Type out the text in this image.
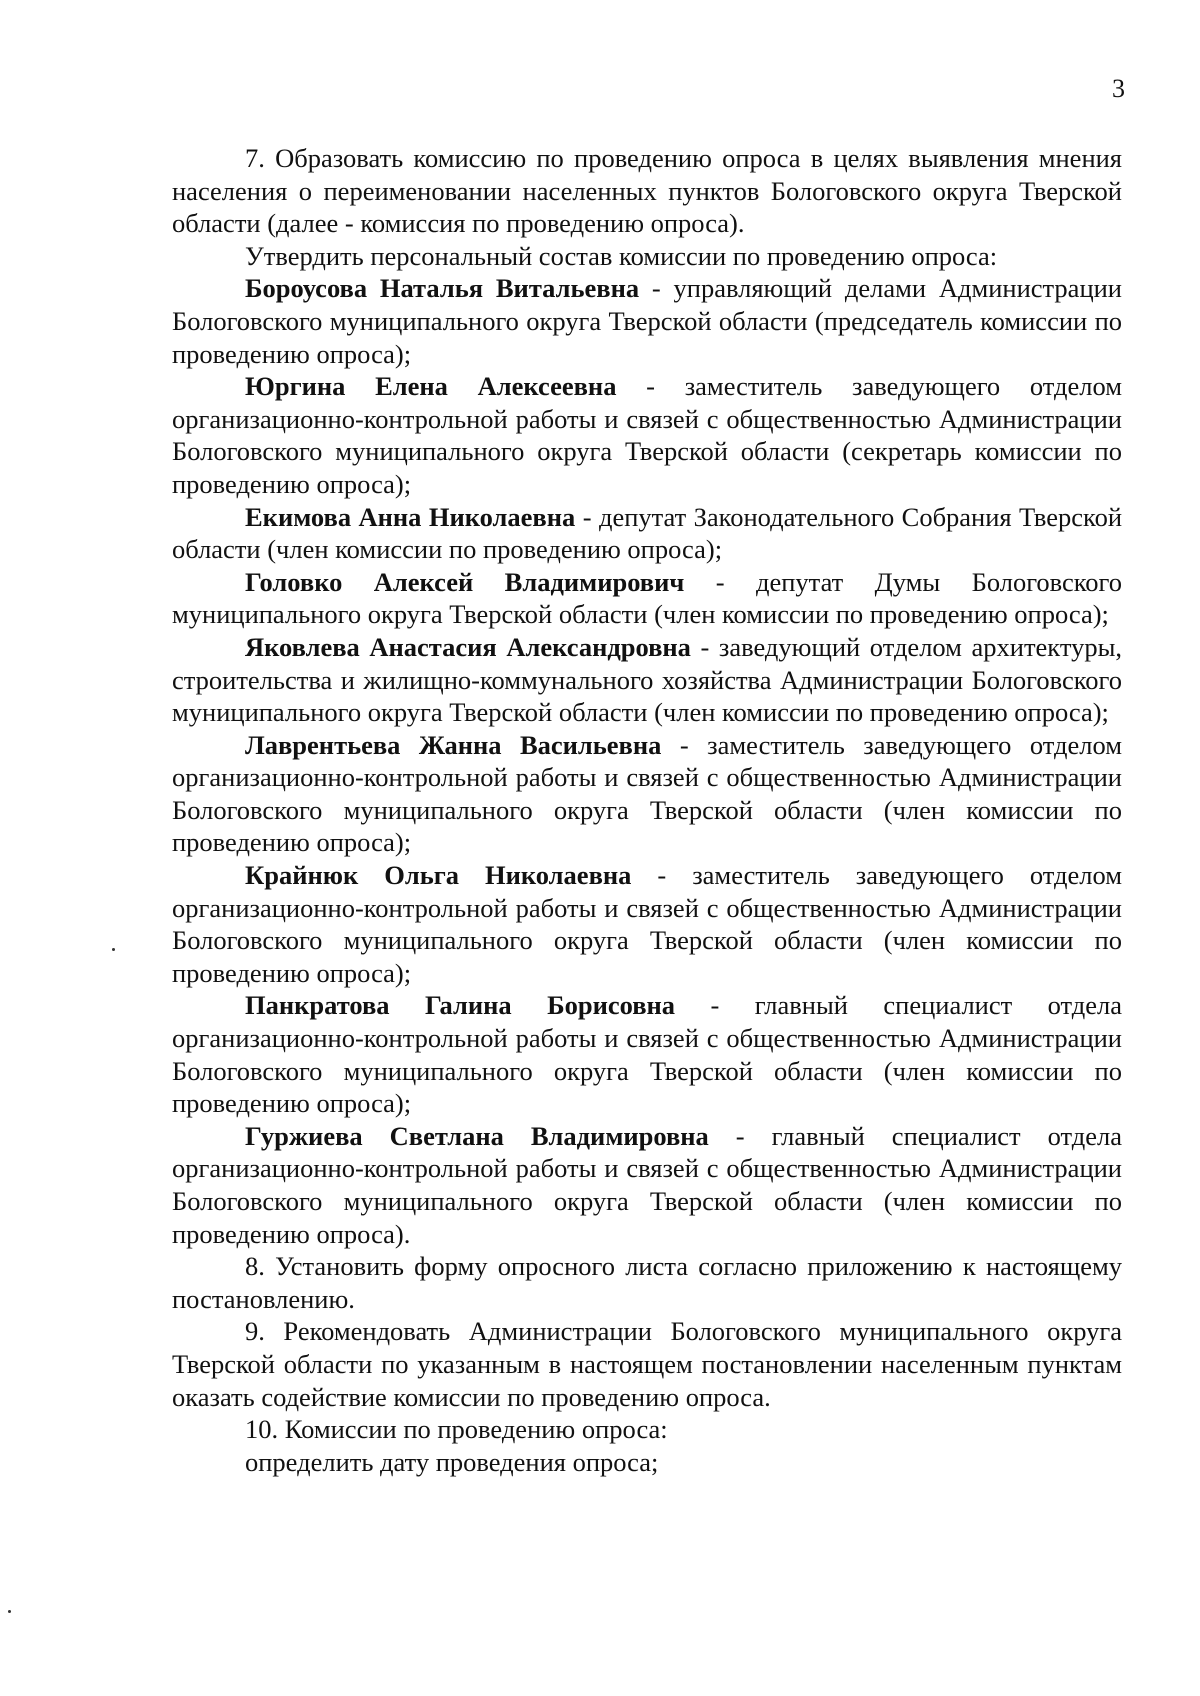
3

7. Образовать комиссию по проведению опроса в целях выявления мнения населения о переименовании населенных пунктов Бологовского округа Тверской области (далее - комиссия по проведению опроса).

Утвердить персональный состав комиссии по проведению опроса:

Бороусова Наталья Витальевна - управляющий делами Администрации Бологовского муниципального округа Тверской области (председатель комиссии по проведению опроса);

Юргина Елена Алексеевна - заместитель заведующего отделом организационно-контрольной работы и связей с общественностью Администрации Бологовского муниципального округа Тверской области (секретарь комиссии по проведению опроса);

Екимова Анна Николаевна - депутат Законодательного Собрания Тверской области (член комиссии по проведению опроса);

Головко Алексей Владимирович - депутат Думы Бологовского муниципального округа Тверской области (член комиссии по проведению опроса);

Яковлева Анастасия Александровна - заведующий отделом архитектуры, строительства и жилищно-коммунального хозяйства Администрации Бологовского муниципального округа Тверской области (член комиссии по проведению опроса);

Лаврентьева Жанна Васильевна - заместитель заведующего отделом организационно-контрольной работы и связей с общественностью Администрации Бологовского муниципального округа Тверской области (член комиссии по проведению опроса);

Крайнюк Ольга Николаевна - заместитель заведующего отделом организационно-контрольной работы и связей с общественностью Администрации Бологовского муниципального округа Тверской области (член комиссии по проведению опроса);

Панкратова Галина Борисовна - главный специалист отдела организационно-контрольной работы и связей с общественностью Администрации Бологовского муниципального округа Тверской области (член комиссии по проведению опроса);

Гуржиева Светлана Владимировна - главный специалист отдела организационно-контрольной работы и связей с общественностью Администрации Бологовского муниципального округа Тверской области (член комиссии по проведению опроса).

8. Установить форму опросного листа согласно приложению к настоящему постановлению.

9. Рекомендовать Администрации Бологовского муниципального округа Тверской области по указанным в настоящем постановлении населенным пунктам оказать содействие комиссии по проведению опроса.

10. Комиссии по проведению опроса:

определить дату проведения опроса;
